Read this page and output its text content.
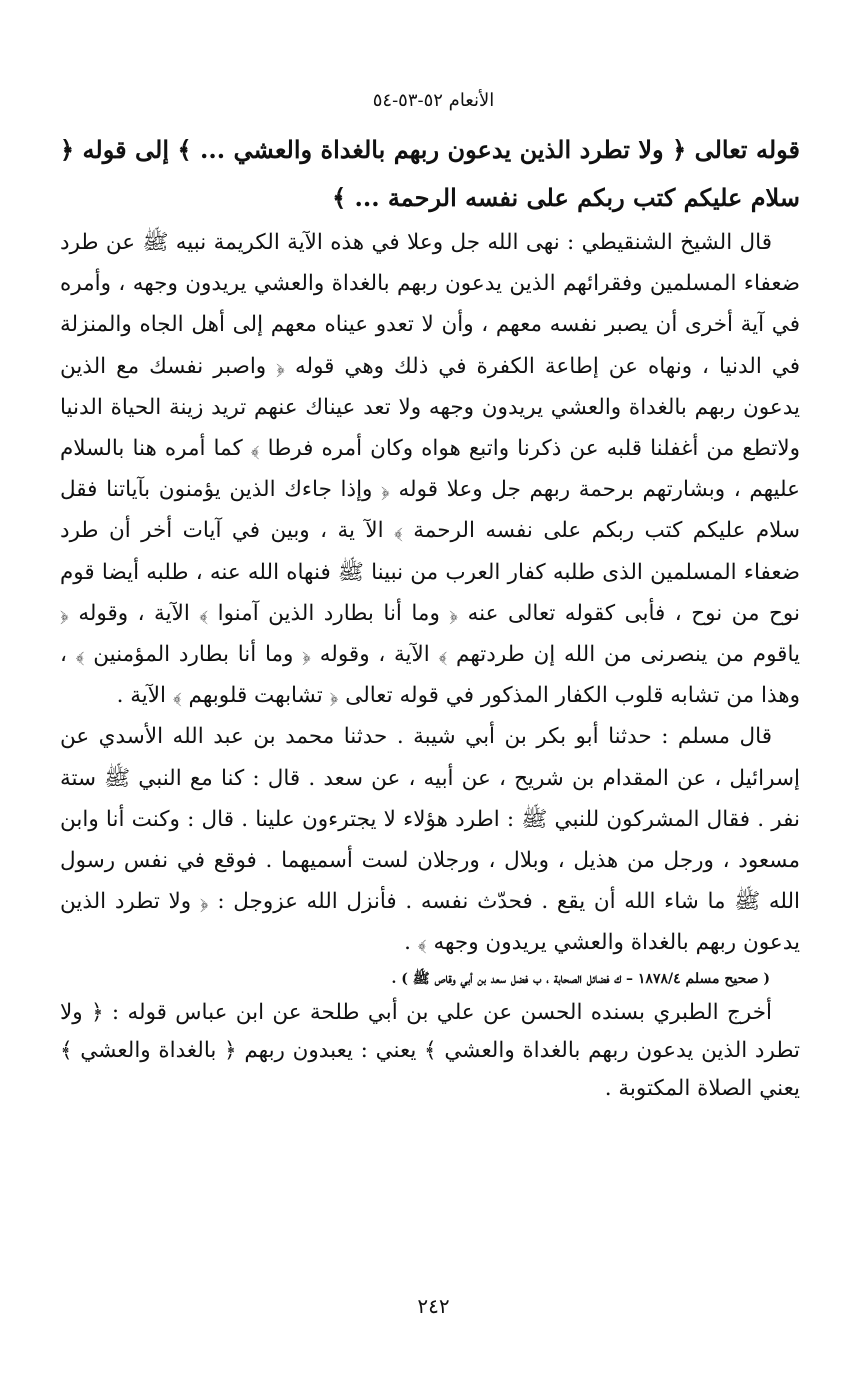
الأنعام ٥٢-٥٣-٥٤

قوله تعالى ﴿ ولا تطرد الذين يدعون ربهم بالغداة والعشي ... ﴾ إلى قوله ﴿ سلام عليكم كتب ربكم على نفسه الرحمة ... ﴾

قال الشيخ الشنقيطي : نهى الله جل وعلا في هذه الآية الكريمة نبيه ﷺ عن طرد ضعفاء المسلمين وفقرائهم الذين يدعون ربهم بالغداة والعشي يريدون وجهه ، وأمره في آية أخرى أن يصبر نفسه معهم ، وأن لا تعدو عيناه معهم إلى أهل الجاه والمنزلة في الدنيا ، ونهاه عن إطاعة الكفرة في ذلك وهي قوله ﴿ واصبر نفسك مع الذين يدعون ربهم بالغداة والعشي يريدون وجهه ولا تعد عيناك عنهم تريد زينة الحياة الدنيا ولاتطع من أغفلنا قلبه عن ذكرنا واتبع هواه وكان أمره فرطا ﴾ كما أمره هنا بالسلام عليهم ، وبشارتهم برحمة ربهم جل وعلا قوله ﴿ وإذا جاءك الذين يؤمنون بآياتنا فقل سلام عليكم كتب ربكم على نفسه الرحمة ﴾ الآ ية ، وبين في آيات أخر أن طرد ضعفاء المسلمين الذى طلبه كفار العرب من نبينا ﷺ فنهاه الله عنه ، طلبه أيضا قوم نوح من نوح ، فأبى كقوله تعالى عنه ﴿ وما أنا بطارد الذين آمنوا ﴾ الآية ، وقوله ﴿ ياقوم من ينصرنى من الله إن طردتهم ﴾ الآية ، وقوله ﴿ وما أنا بطارد المؤمنين ﴾ ، وهذا من تشابه قلوب الكفار المذكور في قوله تعالى ﴿ تشابهت قلوبهم ﴾ الآية .

قال مسلم : حدثنا أبو بكر بن أبي شيبة . حدثنا محمد بن عبد الله الأسدي عن إسرائيل ، عن المقدام بن شريح ، عن أبيه ، عن سعد . قال : كنا مع النبي ﷺ ستة نفر . فقال المشركون للنبي ﷺ : اطرد هؤلاء لا يجترءون علينا . قال : وكنت أنا وابن مسعود ، ورجل من هذيل ، وبلال ، ورجلان لست أسميهما . فوقع في نفس رسول الله ﷺ ما شاء الله أن يقع . فحدّث نفسه . فأنزل الله عزوجل : ﴿ ولا تطرد الذين يدعون ربهم بالغداة والعشي يريدون وجهه ﴾ .

( صحيح مسلم ١٨٧٨/٤ – ك فضائل الصحابة ، ب فضل سعد بن أبي وقاص ﷺ ) .

أخرج الطبري بسنده الحسن عن علي بن أبي طلحة عن ابن عباس قوله : ﴿ ولا تطرد الذين يدعون ربهم بالغداة والعشي ﴾ يعني : يعبدون ربهم ﴿ بالغداة والعشي ﴾ يعني الصلاة المكتوبة .

٢٤٢
